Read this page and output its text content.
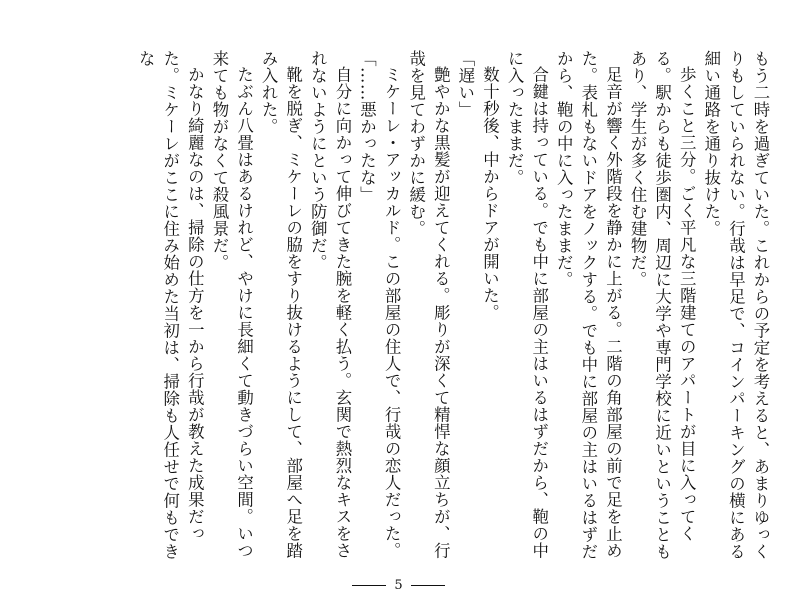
もう二時を過ぎていた。これからの予定を考えると、あまりゆっくりもしていられない。行哉は早足で、コインパーキングの横にある細い通路を通り抜けた。

歩くこと三分。ごく平凡な三階建てのアパートが目に入ってくる。駅からも徒歩圏内、周辺に大学や専門学校に近いということもあり、学生が多く住む建物だ。

足音が響く外階段を静かに上がる。二階の角部屋の前で足を止めた。表札もないドアをノックする。でも中に部屋の主はいるはずだから、鞄の中に入ったままだ。

合鍵は持っている。でも中に部屋の主はいるはずだから、鞄の中に入ったままだ。

数十秒後、中からドアが開いた。

「遅い」

艶やかな黒髪が迎えてくれる。彫りが深くて精悍な顔立ちが、行哉を見てわずかに緩む。

ミケーレ・アッカルド。この部屋の住人で、行哉の恋人だった。

「……悪かったな」

自分に向かって伸びてきた腕を軽く払う。玄関で熱烈なキスをされないようにという防御だ。

靴を脱ぎ、ミケーレの脇をすり抜けるようにして、部屋へ足を踏み入れた。

たぶん八畳はあるけれど、やけに長細くて動きづらい空間。いつ来ても物がなくて殺風景だ。

かなり綺麗なのは、掃除の仕方を一から行哉が教えた成果だった。ミケーレがここに住み始めた当初は、掃除も人任せで何もできな

5
